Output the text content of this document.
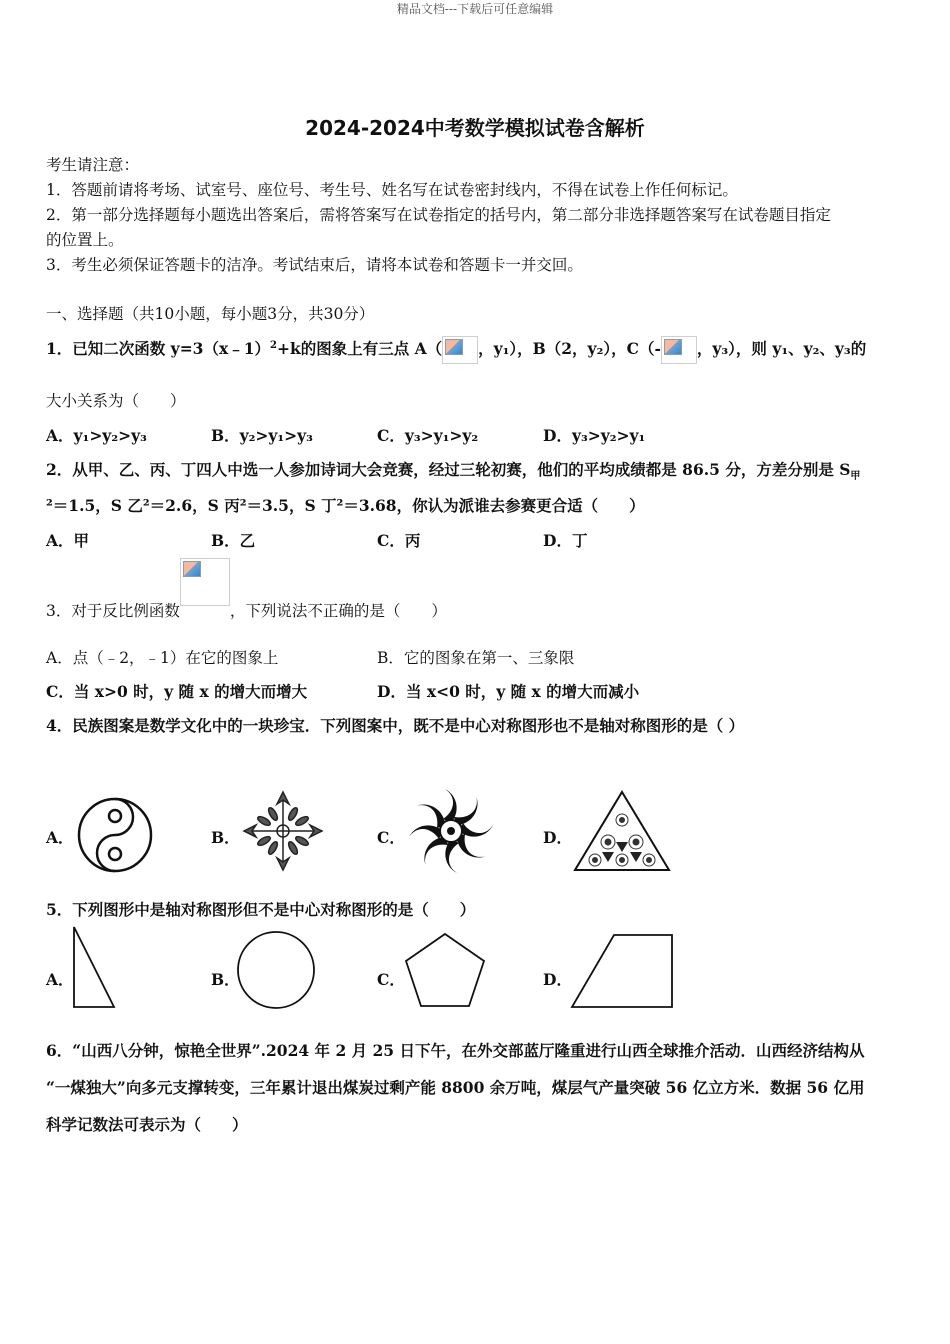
精品文档---下载后可任意编辑
2024-2024中考数学模拟试卷含解析
考生请注意：
1．答题前请将考场、试室号、座位号、考生号、姓名写在试卷密封线内，不得在试卷上作任何标记。
2．第一部分选择题每小题选出答案后，需将答案写在试卷指定的括号内，第二部分非选择题答案写在试卷题目指定
的位置上。
3．考生必须保证答题卡的洁净。考试结束后，请将本试卷和答题卡一并交回。
一、选择题（共10小题，每小题3分，共30分）
1．已知二次函数 y=3（x﹣1）$^2$+k的图象上有三点 A（ ，y₁），B（2，y₂），C（- ，y₃），则 y₁、y₂、y₃的
大小关系为（　　）
A．y₁>y₂>y₃	B．y₂>y₁>y₃	C．y₃>y₁>y₂	D．y₃>y₂>y₁
2．从甲、乙、丙、丁四人中选一人参加诗词大会竞赛，经过三轮初赛，他们的平均成绩都是 86.5 分，方差分别是 $S_甲$
²＝1.5，S 乙²＝2.6，S 丙²＝3.5，S 丁²＝3.68，你认为派谁去参赛更合适（　　）
A．甲	B．乙	C．丙	D．丁
3．对于反比例函数	，下列说法不正确的是（　　）
A．点（﹣2，﹣1）在它的图象上	B．它的图象在第一、三象限
C．当 x>0 时，y 随 x 的增大而增大	D．当 x<0 时，y 随 x 的增大而减小
4．民族图案是数学文化中的一块珍宝．下列图案中，既不是中心对称图形也不是轴对称图形的是（ ）
A．	B．	C．	D．
5．下列图形中是轴对称图形但不是中心对称图形的是（　　）
A．	B．	C．	D．
6．“山西八分钟，惊艳全世界”.2024 年 2 月 25 日下午，在外交部蓝厅隆重进行山西全球推介活动．山西经济结构从
“一煤独大”向多元支撑转变，三年累计退出煤炭过剩产能 8800 余万吨，煤层气产量突破 56 亿立方米．数据 56 亿用
科学记数法可表示为（　　）
